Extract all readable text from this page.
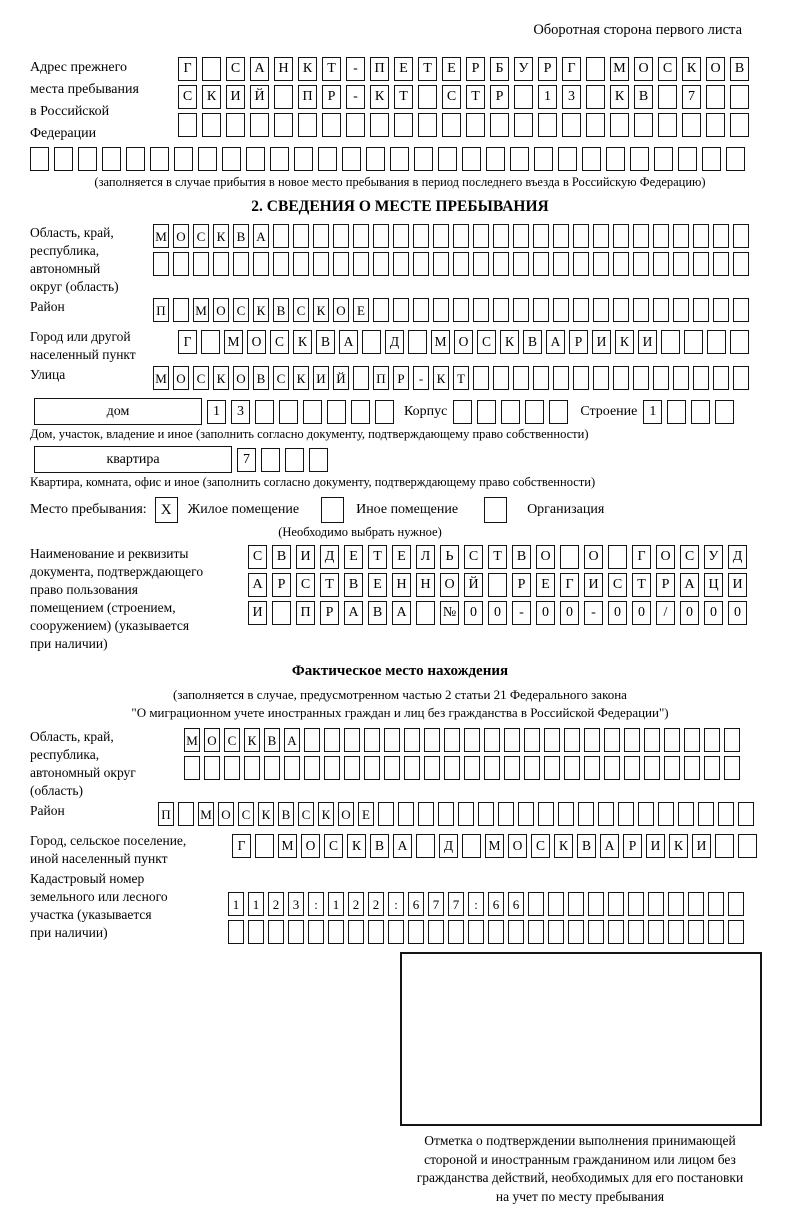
Оборотная сторона первого листа
Адрес прежнего
места пребывания
в Российской
Федерации
Г	С	А Н	К	Т	-	П	Е	Т	Е	Р	Б	У	Р	Г	М О	С	К	О	В
С	К	И Й	П	Р	-	К	Т	С	Т	Р	1	3	К	В	7
(заполняется в случае прибытия в новое место пребывания в период последнего въезда в Российскую Федерацию)
2. СВЕДЕНИЯ О МЕСТЕ ПРЕБЫВАНИЯ
Область, край,
республика,
автономный
округ (область)
М О С К В А
Район	П М О С К В С К О Е
Город или другой
населенный пункт
Г	М О	С	К	В	А	Д	М О	С	К	В	А	Р	И	К	И
Улица	М О С К О В С К И Й П Р	-	К Т
дом	1	3	Корпус	Строение 1
Дом, участок, владение и иное (заполнить согласно документу, подтверждающему право собственности)
квартира	7
Квартира, комната, офис и иное (заполнить согласно документу, подтверждающему право собственности)
Место пребывания: X	Жилое помещение	Иное помещение	Организация
(Необходимо выбрать нужное)
Наименование и реквизиты
документа, подтверждающего
право пользования
помещением (строением,
сооружением) (указывается
при наличии)
С	В	И	Д	Е	Т	Е	Л	Ь	С	Т	В	О	О	Г	О	С	У	Д
А	Р	С	Т	В	Е	Н Н О Й	Р	Е	Г	И	С	Т	Р	А Ц И
И	П	Р	А	В	А	№ 0	0	-	0	0	-	0	0	/	0	0	0
Фактическое место нахождения
(заполняется в случае, предусмотренном частью 2 статьи 21 Федерального закона
"О миграционном учете иностранных граждан и лиц без гражданства в Российской Федерации")
Область, край,
республика,
автономный округ
(область)
М О С К В А
Район	П М О С К В С К О Е
Город, сельское поселение,
иной населенный пункт
Г	М О	С	К	В	А	Д	М О	С	К	В	А	Р	И	К	И
Кадастровый номер
земельного или лесного
участка (указывается
при наличии)
1	1	2	3	:	1	2	2	:	6	7	7	:	6	6
Отметка о подтверждении выполнения принимающей
стороной и иностранным гражданином или лицом без
гражданства действий, необходимых для его постановки
на учет по месту пребывания
